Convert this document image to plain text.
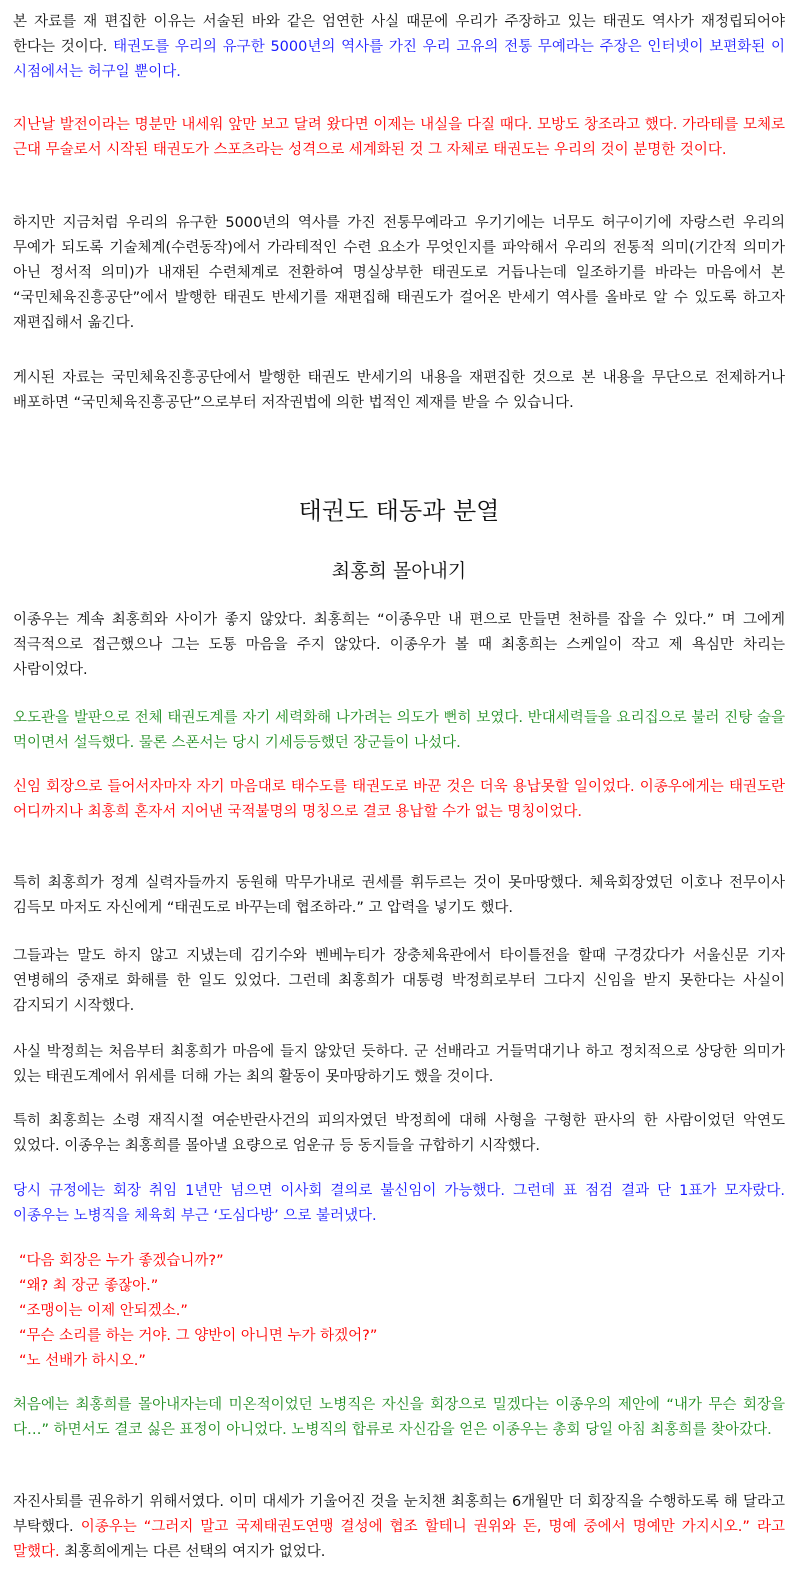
본 자료를 재 편집한 이유는 서술된 바와 같은 엄연한 사실 때문에 우리가 주장하고 있는 태권도 역사가 재정립되어야 한다는 것이다. 태권도를 우리의 유구한 5000년의 역사를 가진 우리 고유의 전통 무예라는 주장은 인터넷이 보편화된 이 시점에서는 허구일 뿐이다.

지난날 발전이라는 명분만 내세워 앞만 보고 달려 왔다면 이제는 내실을 다질 때다. 모방도 창조라고 했다. 가라테를 모체로 근대 무술로서 시작된 태권도가 스포츠라는 성격으로 세계화된 것 그 자체로 태권도는 우리의 것이 분명한 것이다.

하지만 지금처럼 우리의 유구한 5000년의 역사를 가진 전통무예라고 우기기에는 너무도 허구이기에 자랑스런 우리의 무예가 되도록 기술체계(수련동작)에서 가라테적인 수련 요소가 무엇인지를 파악해서 우리의 전통적 의미(기간적 의미가 아닌 정서적 의미)가 내재된 수련체계로 전환하여 명실상부한 태권도로 거듭나는데 일조하기를 바라는 마음에서 본 “국민체육진흥공단”에서 발행한 태권도 반세기를 재편집해 태권도가 걸어온 반세기 역사를 올바로 알 수 있도록 하고자 재편집해서 옮긴다.

게시된 자료는 국민체육진흥공단에서 발행한 태권도 반세기의 내용을 재편집한 것으로 본 내용을 무단으로 전제하거나 배포하면 “국민체육진흥공단”으로부터 저작권법에 의한 법적인 제재를 받을 수 있습니다.

태권도 태동과 분열
최홍희 몰아내기

이종우는 계속 최홍희와 사이가 좋지 않았다. 최홍희는 “이종우만 내 편으로 만들면 천하를 잡을 수 있다.” 며 그에게 적극적으로 접근했으나 그는 도통 마음을 주지 않았다. 이종우가 볼 때 최홍희는 스케일이 작고 제 욕심만 차리는 사람이었다.

오도관을 발판으로 전체 태권도계를 자기 세력화해 나가려는 의도가 뻔히 보였다. 반대세력들을 요리집으로 불러 진탕 술을 먹이면서 설득했다. 물론 스폰서는 당시 기세등등했던 장군들이 나섰다.

신임 회장으로 들어서자마자 자기 마음대로 태수도를 태권도로 바꾼 것은 더욱 용납못할 일이었다. 이종우에게는 태권도란 어디까지나 최홍희 혼자서 지어낸 국적불명의 명칭으로 결코 용납할 수가 없는 명칭이었다.

특히 최홍희가 정계 실력자들까지 동원해 막무가내로 권세를 휘두르는 것이 못마땅했다. 체육회장였던 이호나 전무이사 김득모 마저도 자신에게 “태권도로 바꾸는데 협조하라.” 고 압력을 넣기도 했다.

그들과는 말도 하지 않고 지냈는데 김기수와 벤베누티가 장충체육관에서 타이틀전을 할때 구경갔다가 서울신문 기자 연병해의 중재로 화해를 한 일도 있었다. 그런데 최홍희가 대통령 박정희로부터 그다지 신임을 받지 못한다는 사실이 감지되기 시작했다.

사실 박정희는 처음부터 최홍희가 마음에 들지 않았던 듯하다. 군 선배라고 거들먹대기나 하고 정치적으로 상당한 의미가 있는 태권도계에서 위세를 더해 가는 최의 활동이 못마땅하기도 했을 것이다.

특히 최홍희는 소령 재직시절 여순반란사건의 피의자였던 박정희에 대해 사형을 구형한 판사의 한 사람이었던 악연도 있었다. 이종우는 최홍희를 몰아낼 요량으로 엄운규 등 동지들을 규합하기 시작했다.

당시 규정에는 회장 취임 1년만 넘으면 이사회 결의로 불신임이 가능했다. 그런데 표 점검 결과 단 1표가 모자랐다. 이종우는 노병직을 체육회 부근 ‘도심다방’ 으로 불러냈다.

“다음 회장은 누가 좋겠습니까?”
“왜? 최 장군 좋잖아.”
“조맹이는 이제 안되겠소.”
“무슨 소리를 하는 거야. 그 양반이 아니면 누가 하겠어?”
“노 선배가 하시오.”

처음에는 최홍희를 몰아내자는데 미온적이었던 노병직은 자신을 회장으로 밀겠다는 이종우의 제안에 “내가 무슨 회장을 다…” 하면서도 결코 싫은 표정이 아니었다. 노병직의 합류로 자신감을 얻은 이종우는 총회 당일 아침 최홍희를 찾아갔다.

자진사퇴를 권유하기 위해서였다. 이미 대세가 기울어진 것을 눈치챈 최홍희는 6개월만 더 회장직을 수행하도록 해 달라고 부탁했다. 이종우는 “그러지 말고 국제태권도연맹 결성에 협조 할테니 권위와 돈, 명예 중에서 명예만 가지시오.” 라고 말했다. 최홍희에게는 다른 선택의 여지가 없었다.
